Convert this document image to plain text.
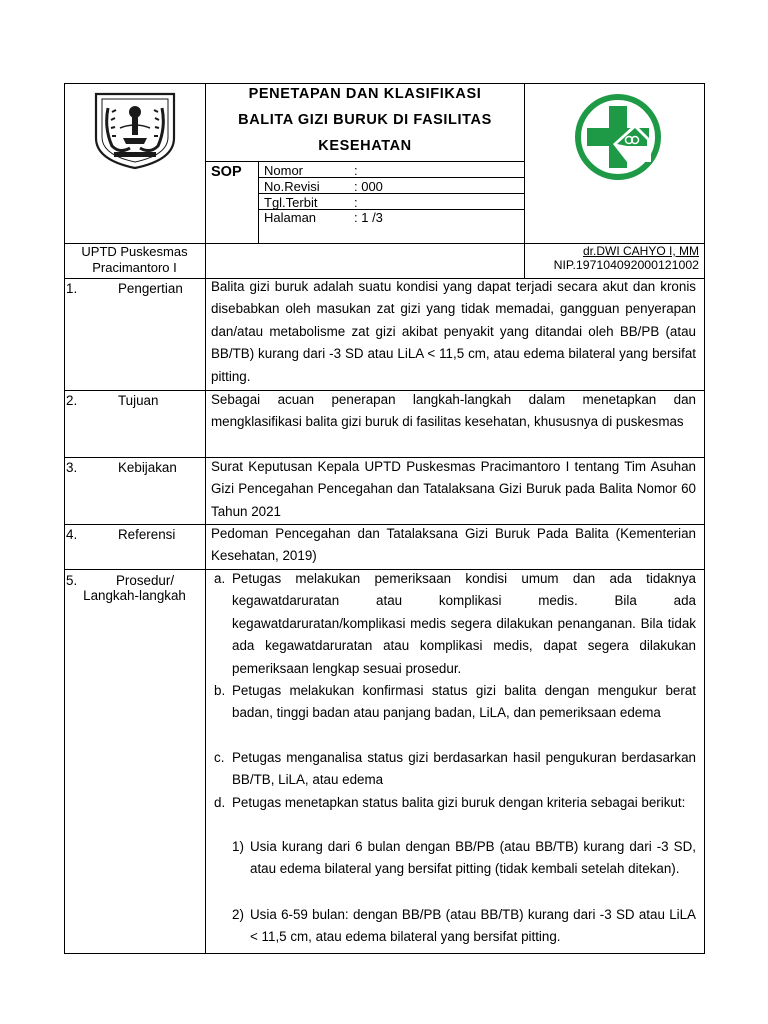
PENETAPAN DAN KLASIFIKASI
BALITA GIZI BURUK DI FASILITAS
KESEHATAN
SOP Nomor	:
No.Revisi	: 000
Tgl.Terbit	:
Halaman	: 1 /3
UPTD Puskesmas
Pracimantoro I
dr.DWI CAHYO I, MM
NIP.197104092000121002
1.	Pengertian Balita gizi buruk adalah suatu kondisi yang dapat terjadi secara akut dan kronis disebabkan oleh masukan zat gizi yang tidak memadai, gangguan penyerapan dan/atau metabolisme zat gizi akibat penyakit yang ditandai oleh BB/PB (atau BB/TB) kurang dari -3 SD atau LiLA < 11,5 cm, atau edema bilateral yang bersifat pitting.
2.	Tujuan	Sebagai acuan penerapan langkah-langkah dalam menetapkan dan mengklasifikasi balita gizi buruk di fasilitas kesehatan, khususnya di puskesmas
3.	Kebijakan	Surat Keputusan Kepala UPTD Puskesmas Pracimantoro I tentang Tim Asuhan Gizi Pencegahan Pencegahan dan Tatalaksana Gizi Buruk pada Balita Nomor 60 Tahun 2021
4.	Referensi	Pedoman Pencegahan dan Tatalaksana Gizi Buruk Pada Balita (Kementerian Kesehatan, 2019)
5.	Prosedur/
Langkah-langkah
a. Petugas melakukan pemeriksaan kondisi umum dan ada tidaknya kegawatdaruratan atau komplikasi medis. Bila ada kegawatdaruratan/komplikasi medis segera dilakukan penanganan. Bila tidak ada kegawatdaruratan atau komplikasi medis, dapat segera dilakukan pemeriksaan lengkap sesuai prosedur.
b. Petugas melakukan konfirmasi status gizi balita dengan mengukur berat badan, tinggi badan atau panjang badan, LiLA, dan pemeriksaan edema
c. Petugas menganalisa status gizi berdasarkan hasil pengukuran berdasarkan BB/TB, LiLA, atau edema
d. Petugas menetapkan status balita gizi buruk dengan kriteria sebagai berikut:
1) Usia kurang dari 6 bulan dengan BB/PB (atau BB/TB) kurang dari -3 SD, atau edema bilateral yang bersifat pitting (tidak kembali setelah ditekan).
2) Usia 6-59 bulan: dengan BB/PB (atau BB/TB) kurang dari -3 SD atau LiLA < 11,5 cm, atau edema bilateral yang bersifat pitting.
